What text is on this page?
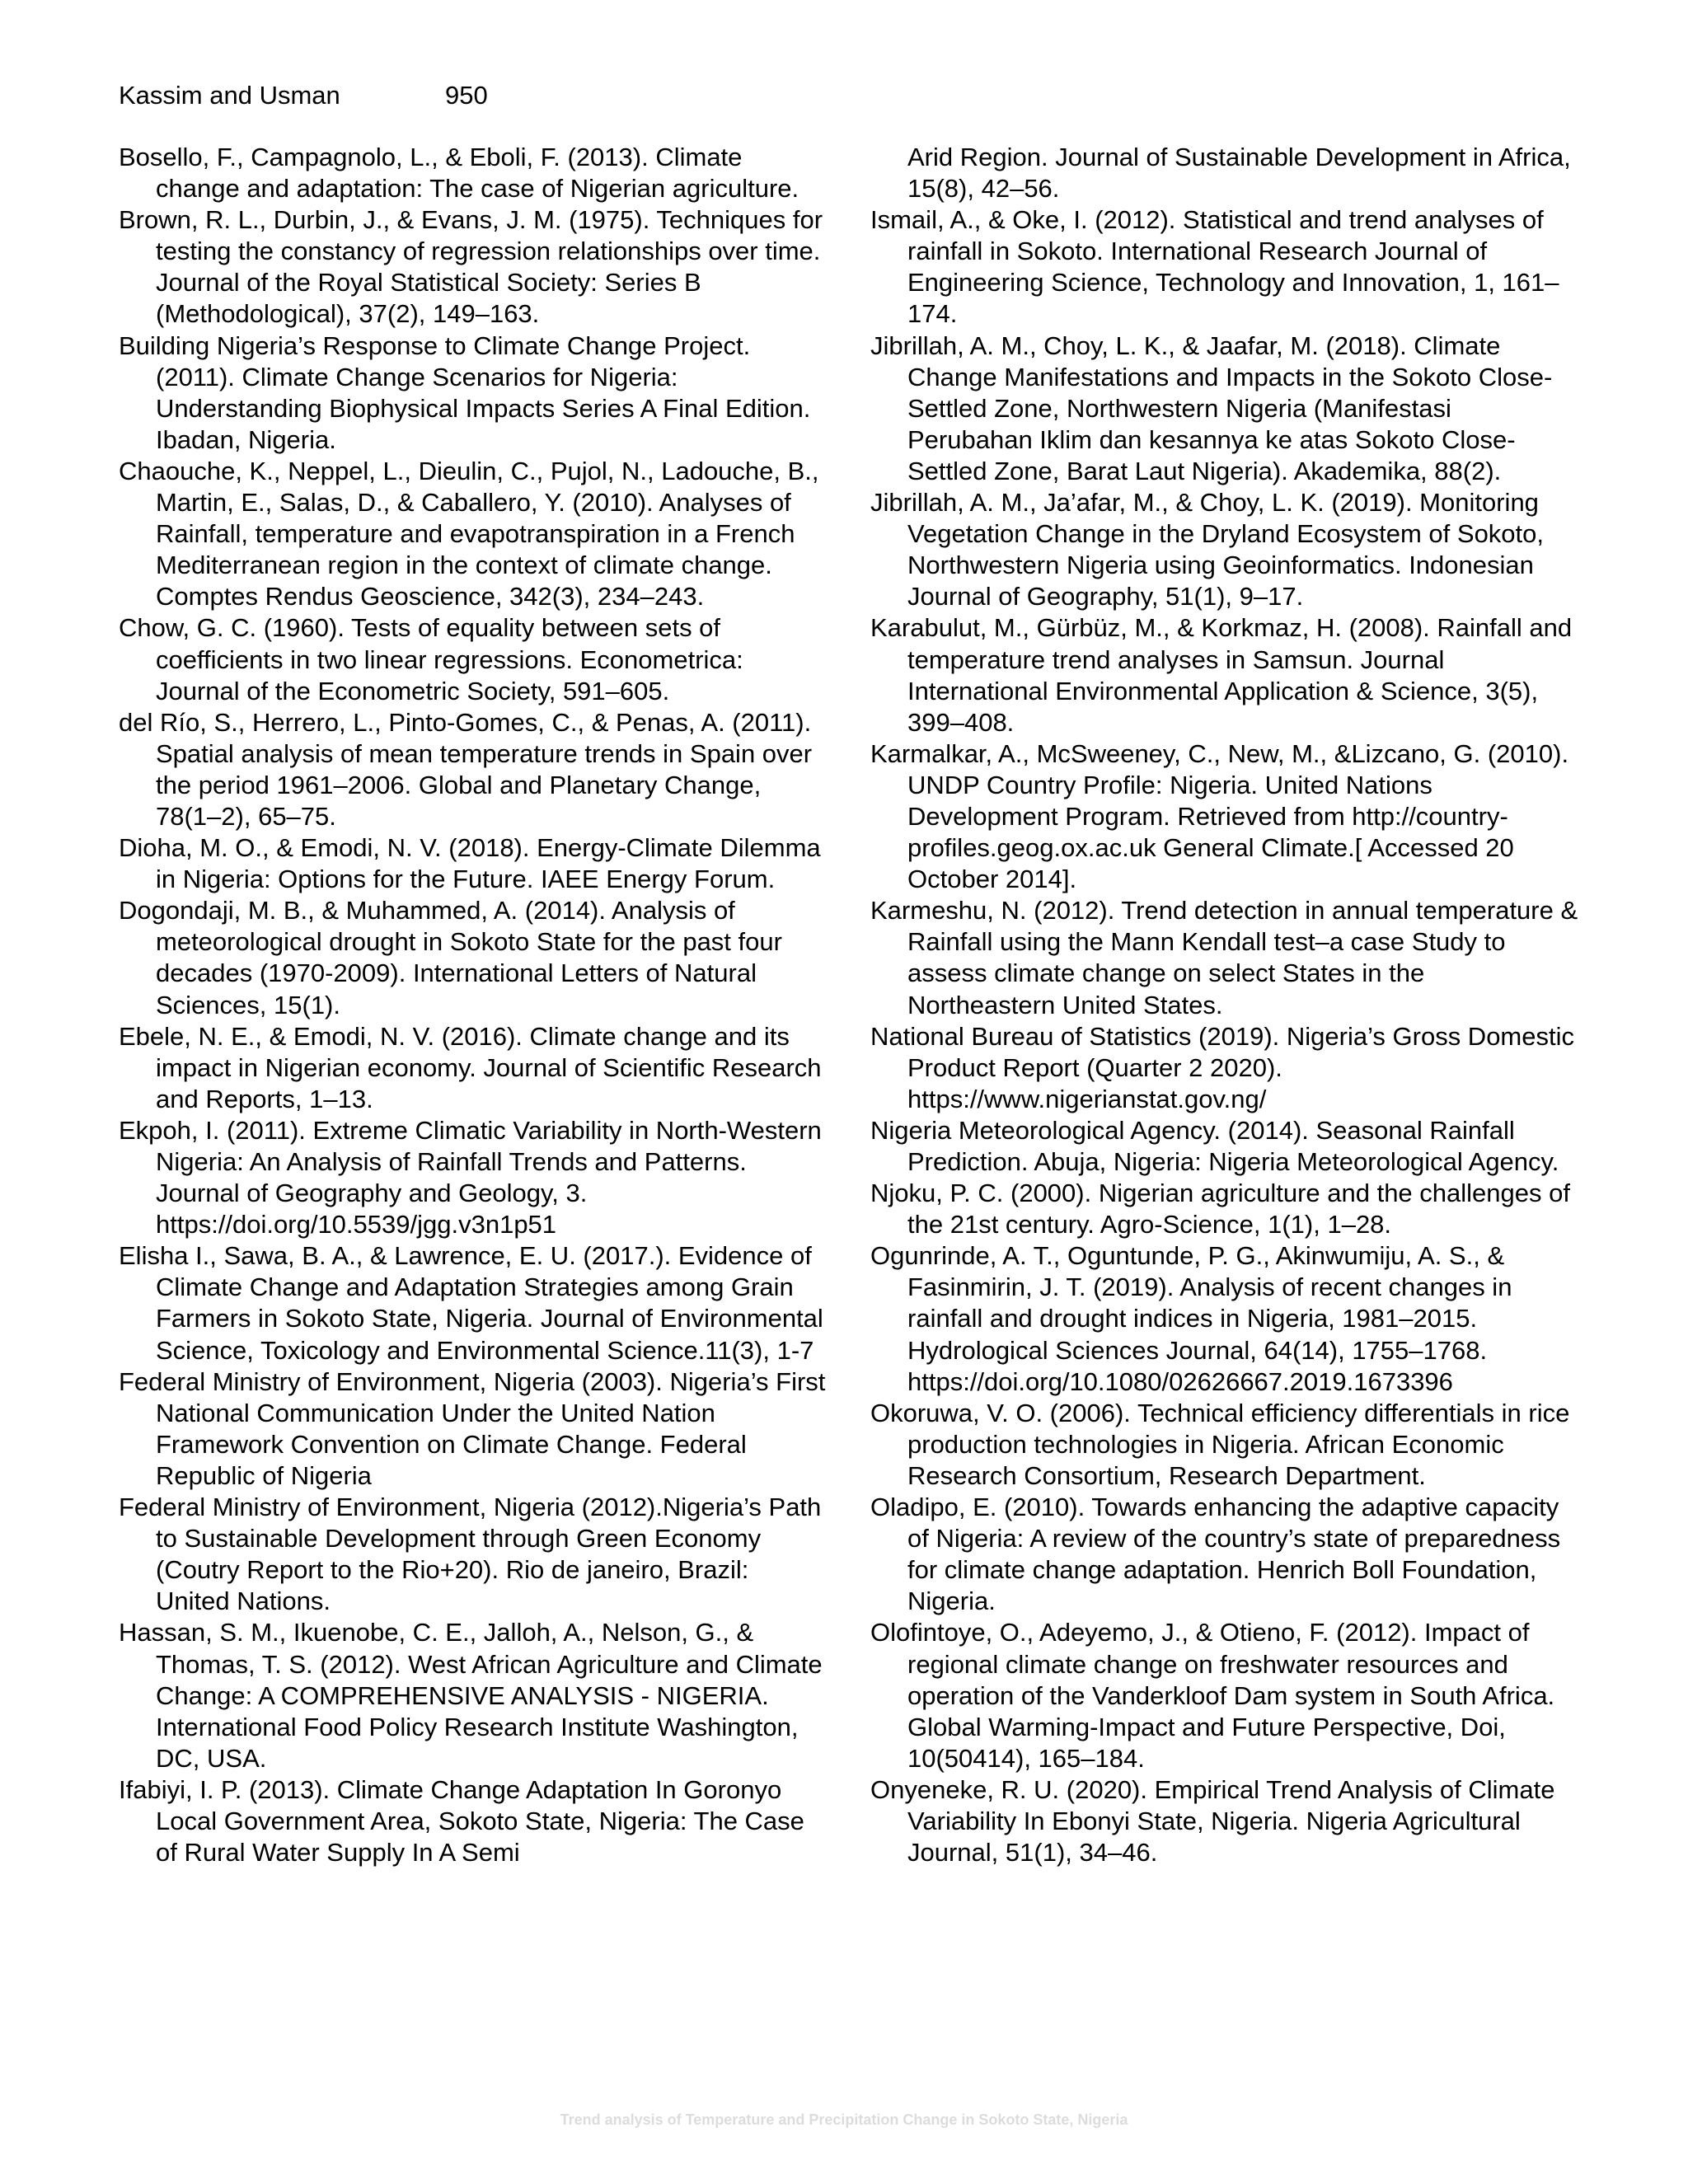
Kassim and Usman	950

Bosello, F., Campagnolo, L., & Eboli, F. (2013). Climate change and adaptation: The case of Nigerian agriculture.

Brown, R. L., Durbin, J., & Evans, J. M. (1975). Techniques for testing the constancy of regression relationships over time. Journal of the Royal Statistical Society: Series B (Methodological), 37(2), 149–163.

Building Nigeria’s Response to Climate Change Project. (2011). Climate Change Scenarios for Nigeria: Understanding Biophysical Impacts Series A Final Edition. Ibadan, Nigeria.

Chaouche, K., Neppel, L., Dieulin, C., Pujol, N., Ladouche, B., Martin, E., Salas, D., & Caballero, Y. (2010). Analyses of Rainfall, temperature and evapotranspiration in a French Mediterranean region in the context of climate change. Comptes Rendus Geoscience, 342(3), 234–243.

Chow, G. C. (1960). Tests of equality between sets of coefficients in two linear regressions. Econometrica: Journal of the Econometric Society, 591–605.

del Río, S., Herrero, L., Pinto-Gomes, C., & Penas, A. (2011). Spatial analysis of mean temperature trends in Spain over the period 1961–2006. Global and Planetary Change, 78(1–2), 65–75.

Dioha, M. O., & Emodi, N. V. (2018). Energy-Climate Dilemma in Nigeria: Options for the Future. IAEE Energy Forum.

Dogondaji, M. B., & Muhammed, A. (2014). Analysis of meteorological drought in Sokoto State for the past four decades (1970-2009). International Letters of Natural Sciences, 15(1).

Ebele, N. E., & Emodi, N. V. (2016). Climate change and its impact in Nigerian economy. Journal of Scientific Research and Reports, 1–13.

Ekpoh, I. (2011). Extreme Climatic Variability in North-Western Nigeria: An Analysis of Rainfall Trends and Patterns. Journal of Geography and Geology, 3. https://doi.org/10.5539/jgg.v3n1p51

Elisha I., Sawa, B. A., & Lawrence, E. U. (2017.). Evidence of Climate Change and Adaptation Strategies among Grain Farmers in Sokoto State, Nigeria. Journal of Environmental Science, Toxicology and Environmental Science.11(3), 1-7

Federal Ministry of Environment, Nigeria (2003). Nigeria’s First National Communication Under the United Nation Framework Convention on Climate Change. Federal Republic of Nigeria

Federal Ministry of Environment, Nigeria (2012).Nigeria’s Path to Sustainable Development through Green Economy (Coutry Report to the Rio+20). Rio de janeiro, Brazil: United Nations.

Hassan, S. M., Ikuenobe, C. E., Jalloh, A., Nelson, G., & Thomas, T. S. (2012). West African Agriculture and Climate Change: A COMPREHENSIVE ANALYSIS - NIGERIA. International Food Policy Research Institute Washington, DC, USA.

Ifabiyi, I. P. (2013). Climate Change Adaptation In Goronyo Local Government Area, Sokoto State, Nigeria: The Case of Rural Water Supply In A Semi

Arid Region. Journal of Sustainable Development in Africa, 15(8), 42–56.

Ismail, A., & Oke, I. (2012). Statistical and trend analyses of rainfall in Sokoto. International Research Journal of Engineering Science, Technology and Innovation, 1, 161–174.

Jibrillah, A. M., Choy, L. K., & Jaafar, M. (2018). Climate Change Manifestations and Impacts in the Sokoto Close-Settled Zone, Northwestern Nigeria (Manifestasi Perubahan Iklim dan kesannya ke atas Sokoto Close-Settled Zone, Barat Laut Nigeria). Akademika, 88(2).

Jibrillah, A. M., Ja’afar, M., & Choy, L. K. (2019). Monitoring Vegetation Change in the Dryland Ecosystem of Sokoto, Northwestern Nigeria using Geoinformatics. Indonesian Journal of Geography, 51(1), 9–17.

Karabulut, M., Gürbüz, M., & Korkmaz, H. (2008). Rainfall and temperature trend analyses in Samsun. Journal International Environmental Application & Science, 3(5), 399–408.

Karmalkar, A., McSweeney, C., New, M., &Lizcano, G. (2010). UNDP Country Profile: Nigeria. United Nations Development Program. Retrieved from http://country-profiles.geog.ox.ac.uk General Climate.[ Accessed 20 October 2014].

Karmeshu, N. (2012). Trend detection in annual temperature & Rainfall using the Mann Kendall test–a case Study to assess climate change on select States in the Northeastern United States.

National Bureau of Statistics (2019). Nigeria’s Gross Domestic Product Report (Quarter 2 2020). https://www.nigerianstat.gov.ng/

Nigeria Meteorological Agency. (2014). Seasonal Rainfall Prediction. Abuja, Nigeria: Nigeria Meteorological Agency.

Njoku, P. C. (2000). Nigerian agriculture and the challenges of the 21st century. Agro-Science, 1(1), 1–28.

Ogunrinde, A. T., Oguntunde, P. G., Akinwumiju, A. S., & Fasinmirin, J. T. (2019). Analysis of recent changes in rainfall and drought indices in Nigeria, 1981–2015. Hydrological Sciences Journal, 64(14), 1755–1768. https://doi.org/10.1080/02626667.2019.1673396

Okoruwa, V. O. (2006). Technical efficiency differentials in rice production technologies in Nigeria. African Economic Research Consortium, Research Department.

Oladipo, E. (2010). Towards enhancing the adaptive capacity of Nigeria: A review of the country’s state of preparedness for climate change adaptation. Henrich Boll Foundation, Nigeria.

Olofintoye, O., Adeyemo, J., & Otieno, F. (2012). Impact of regional climate change on freshwater resources and operation of the Vanderkloof Dam system in South Africa. Global Warming-Impact and Future Perspective, Doi, 10(50414), 165–184.

Onyeneke, R. U. (2020). Empirical Trend Analysis of Climate Variability In Ebonyi State, Nigeria. Nigeria Agricultural Journal, 51(1), 34–46.

Trend analysis of Temperature and Precipitation Change in Sokoto State, Nigeria
